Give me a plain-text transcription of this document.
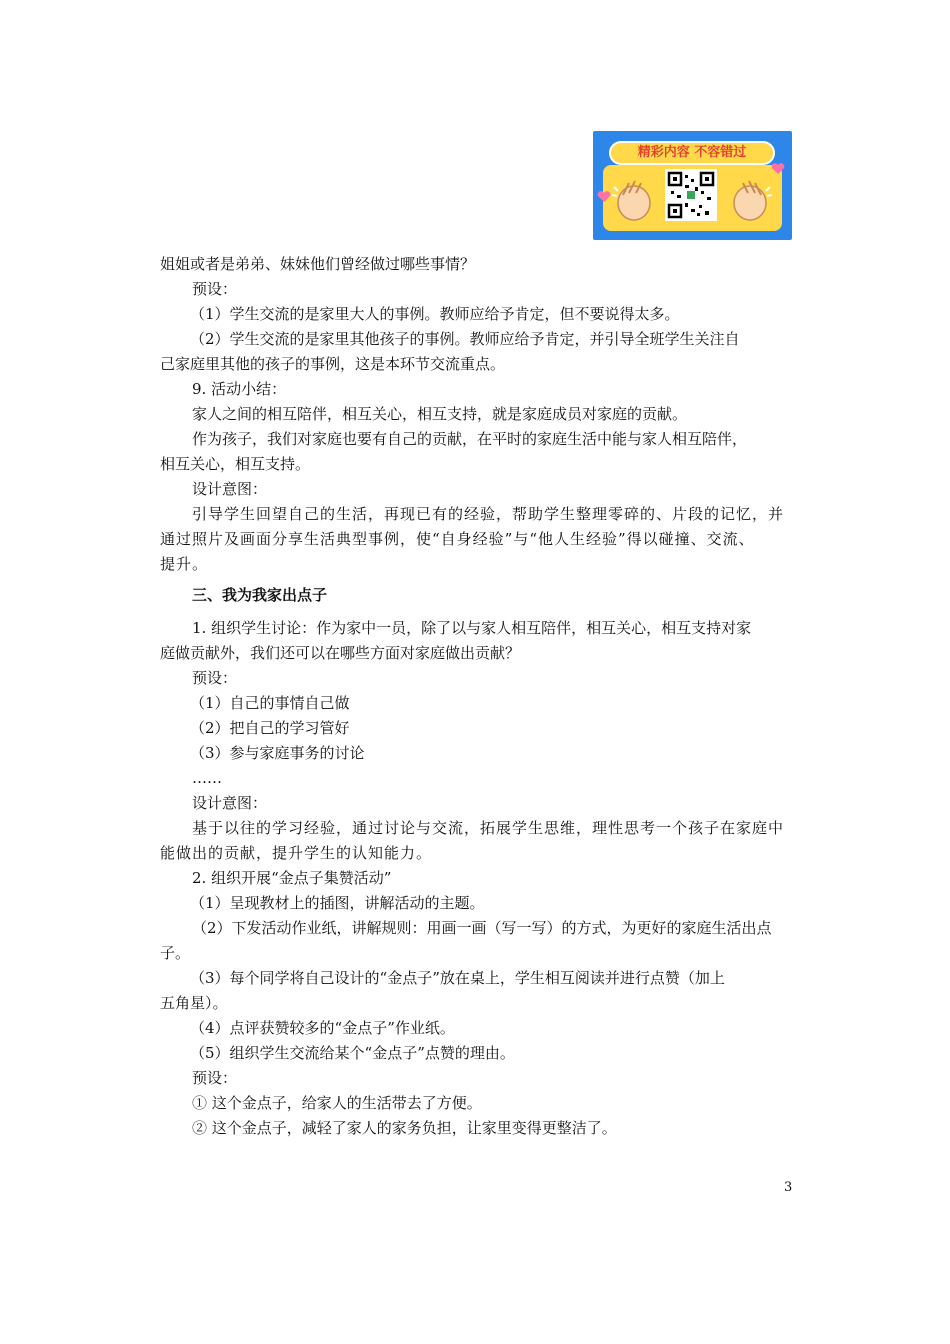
精彩内容 不容错过
姐姐或者是弟弟、妹妹他们曾经做过哪些事情？
预设：
（1）学生交流的是家里大人的事例。教师应给予肯定，但不要说得太多。
（2）学生交流的是家里其他孩子的事例。教师应给予肯定，并引导全班学生关注自
己家庭里其他的孩子的事例，这是本环节交流重点。
9. 活动小结：
家人之间的相互陪伴，相互关心，相互支持，就是家庭成员对家庭的贡献。
作为孩子，我们对家庭也要有自己的贡献，在平时的家庭生活中能与家人相互陪伴，
相互关心，相互支持。
设计意图：
引导学生回望自己的生活，再现已有的经验，帮助学生整理零碎的、片段的记忆，并
通过照片及画面分享生活典型事例，使“自身经验”与“他人生经验”得以碰撞、交流、
提升。
三、我为我家出点子
1. 组织学生讨论：作为家中一员，除了以与家人相互陪伴，相互关心，相互支持对家
庭做贡献外，我们还可以在哪些方面对家庭做出贡献？
预设：
（1）自己的事情自己做
（2）把自己的学习管好
（3）参与家庭事务的讨论
……
设计意图：
基于以往的学习经验，通过讨论与交流，拓展学生思维，理性思考一个孩子在家庭中
能做出的贡献，提升学生的认知能力。
2. 组织开展“金点子集赞活动”
（1）呈现教材上的插图，讲解活动的主题。
（2）下发活动作业纸，讲解规则：用画一画（写一写）的方式，为更好的家庭生活出点
子。
（3）每个同学将自己设计的“金点子”放在桌上，学生相互阅读并进行点赞（加上
五角星）。
（4）点评获赞较多的“金点子”作业纸。
（5）组织学生交流给某个“金点子”点赞的理由。
预设：
① 这个金点子，给家人的生活带去了方便。
② 这个金点子，减轻了家人的家务负担，让家里变得更整洁了。
3
